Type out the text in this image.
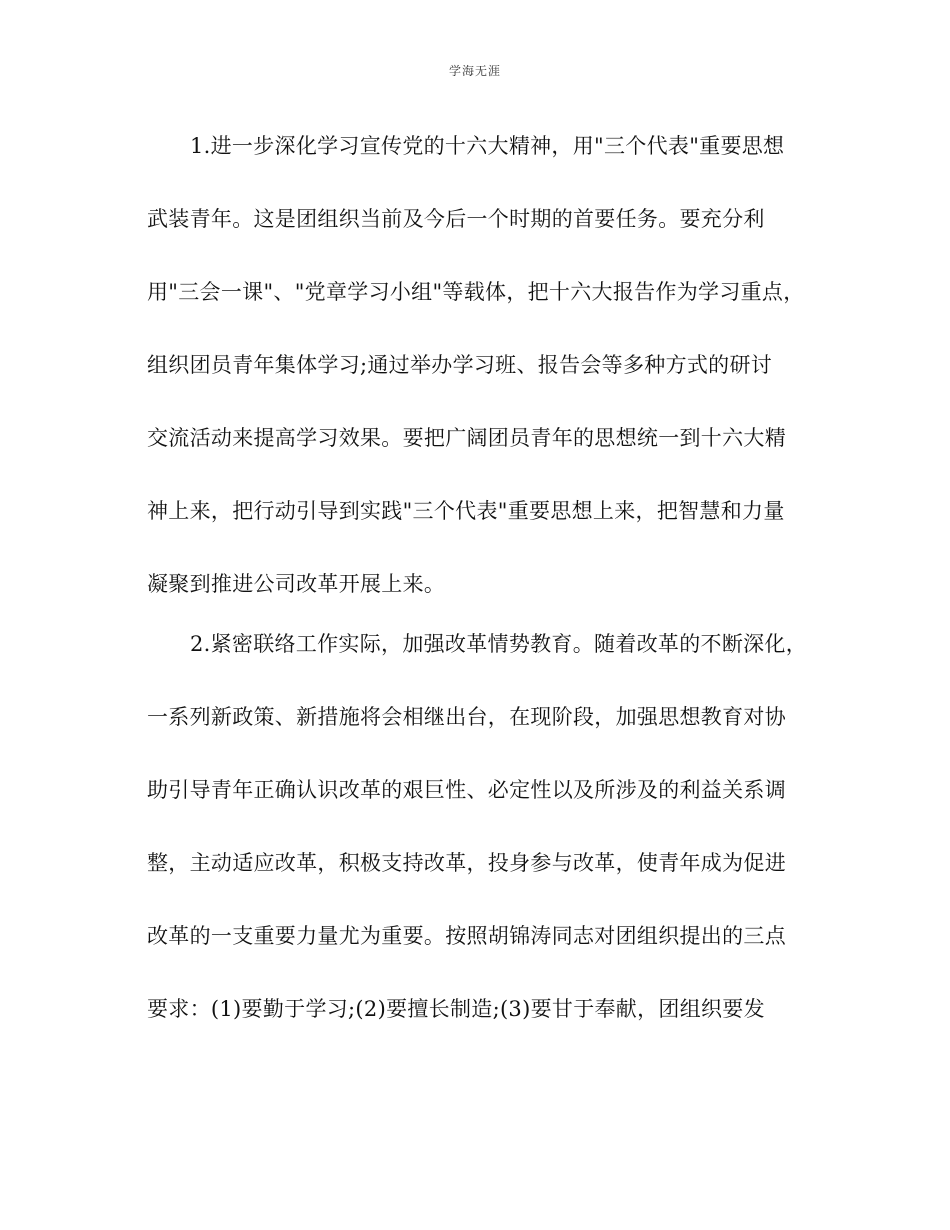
学海无涯
1.进一步深化学习宣传党的十六大精神，用"三个代表"重要思想
武装青年。这是团组织当前及今后一个时期的首要任务。要充分利
用"三会一课"、"党章学习小组"等载体，把十六大报告作为学习重点，
组织团员青年集体学习;通过举办学习班、报告会等多种方式的研讨
交流活动来提高学习效果。要把广阔团员青年的思想统一到十六大精
神上来，把行动引导到实践"三个代表"重要思想上来，把智慧和力量
凝聚到推进公司改革开展上来。
2.紧密联络工作实际，加强改革情势教育。随着改革的不断深化，
一系列新政策、新措施将会相继出台，在现阶段，加强思想教育对协
助引导青年正确认识改革的艰巨性、必定性以及所涉及的利益关系调
整，主动适应改革，积极支持改革，投身参与改革，使青年成为促进
改革的一支重要力量尤为重要。按照胡锦涛同志对团组织提出的三点
要求：(1)要勤于学习;(2)要擅长制造;(3)要甘于奉献，团组织要发
